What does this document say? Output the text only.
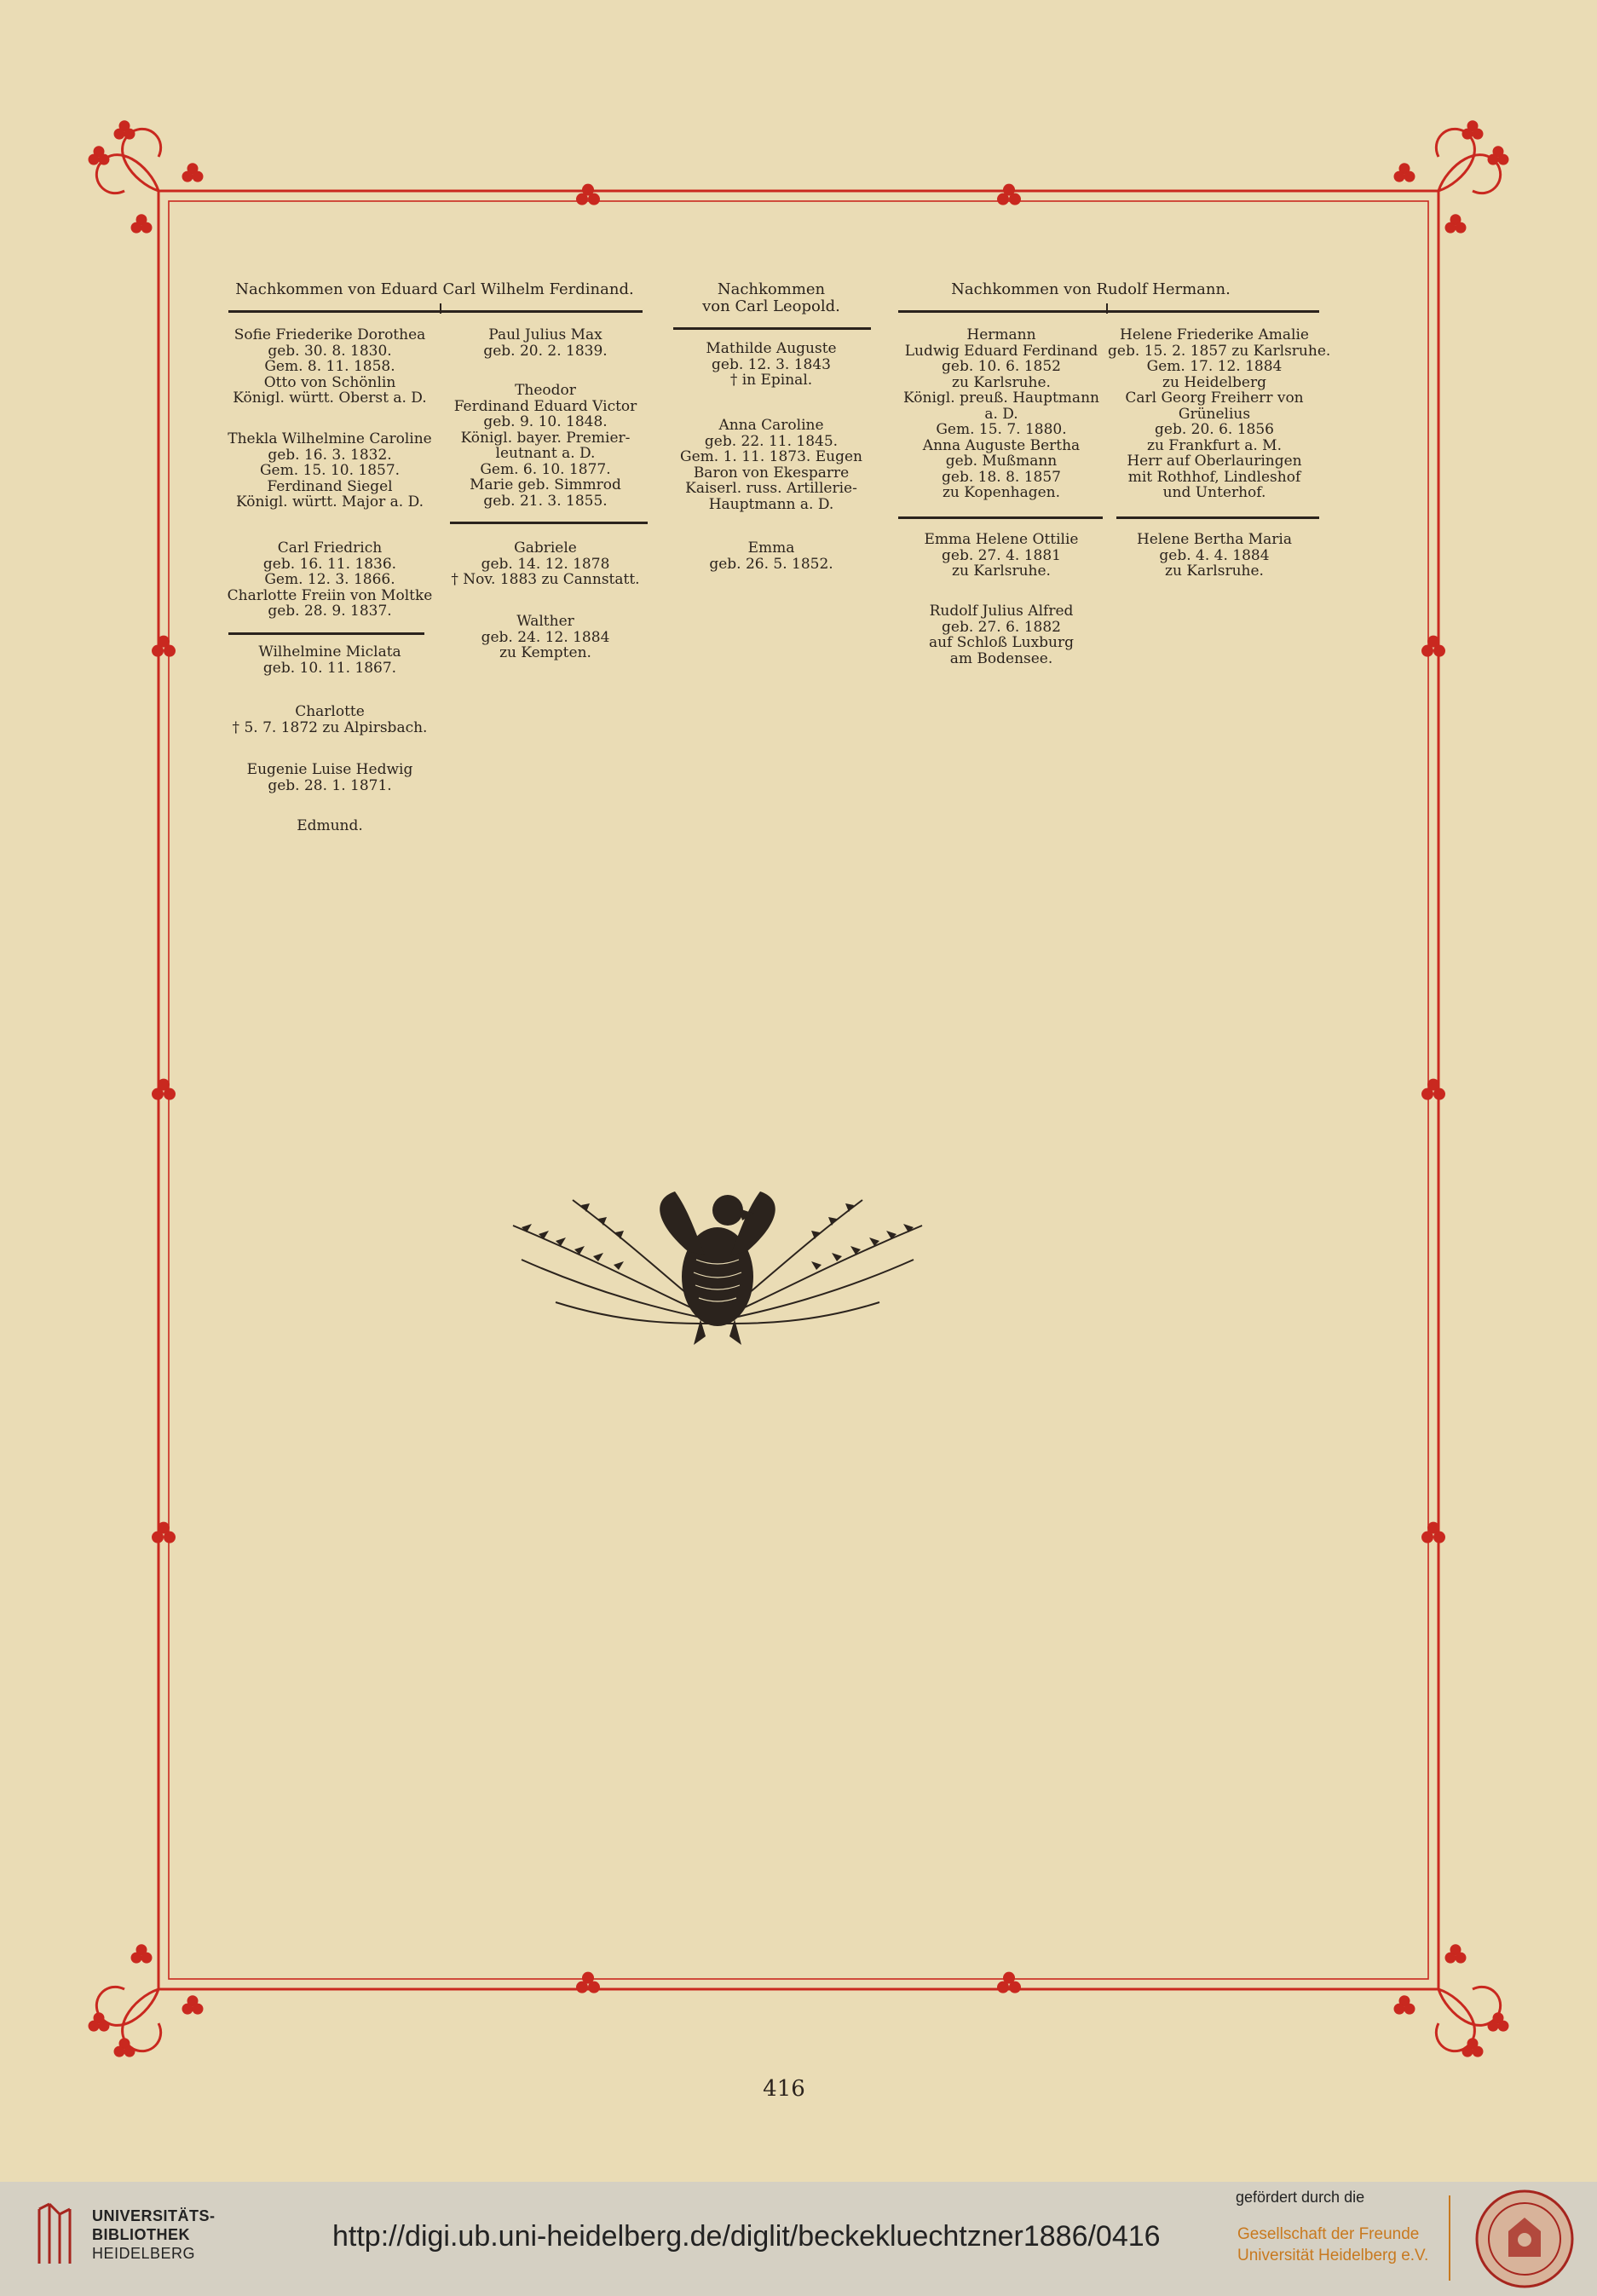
Nachkommen von Eduard Carl Wilhelm Ferdinand.
Sofie Friederike Dorothea
geb. 30. 8. 1830.
Gem. 8. 11. 1858.
Otto von Schönlin
Königl. württ. Oberst a. D.
Thekla Wilhelmine Caroline
geb. 16. 3. 1832.
Gem. 15. 10. 1857.
Ferdinand Siegel
Königl. württ. Major a. D.
Carl Friedrich
geb. 16. 11. 1836.
Gem. 12. 3. 1866.
Charlotte Freiin von Moltke
geb. 28. 9. 1837.
Wilhelmine Miclata
geb. 10. 11. 1867.
Charlotte
† 5. 7. 1872 zu Alpirsbach.
Eugenie Luise Hedwig
geb. 28. 1. 1871.
Edmund.
Paul Julius Max
geb. 20. 2. 1839.
Theodor
Ferdinand Eduard Victor
geb. 9. 10. 1848.
Königl. bayer. Premier-
leutnant a. D.
Gem. 6. 10. 1877.
Marie geb. Simmrod
geb. 21. 3. 1855.
Gabriele
geb. 14. 12. 1878
† Nov. 1883 zu Cannstatt.
Walther
geb. 24. 12. 1884
zu Kempten.
Nachkommen
von Carl Leopold.
Mathilde Auguste
geb. 12. 3. 1843
† in Epinal.
Anna Caroline
geb. 22. 11. 1845.
Gem. 1. 11. 1873. Eugen
Baron von Ekesparre
Kaiserl. russ. Artillerie-
Hauptmann a. D.
Emma
geb. 26. 5. 1852.
Nachkommen von Rudolf Hermann.
Hermann
Ludwig Eduard Ferdinand
geb. 10. 6. 1852
zu Karlsruhe.
Königl. preuß. Hauptmann
a. D.
Gem. 15. 7. 1880.
Anna Auguste Bertha
geb. Mußmann
geb. 18. 8. 1857
zu Kopenhagen.
Emma Helene Ottilie
geb. 27. 4. 1881
zu Karlsruhe.
Rudolf Julius Alfred
geb. 27. 6. 1882
auf Schloß Luxburg
am Bodensee.
Helene Friederike Amalie
geb. 15. 2. 1857 zu Karlsruhe.
Gem. 17. 12. 1884
zu Heidelberg
Carl Georg Freiherr von
Grünelius
geb. 20. 6. 1856
zu Frankfurt a. M.
Herr auf Oberlauringen
mit Rothhof, Lindleshof
und Unterhof.
Helene Bertha Maria
geb. 4. 4. 1884
zu Karlsruhe.
416
UNIVERSITÄTS-
BIBLIOTHEK
HEIDELBERG
http://digi.ub.uni-heidelberg.de/diglit/beckekluechtzner1886/0416
gefördert durch die
Gesellschaft der Freunde
Universität Heidelberg e.V.
